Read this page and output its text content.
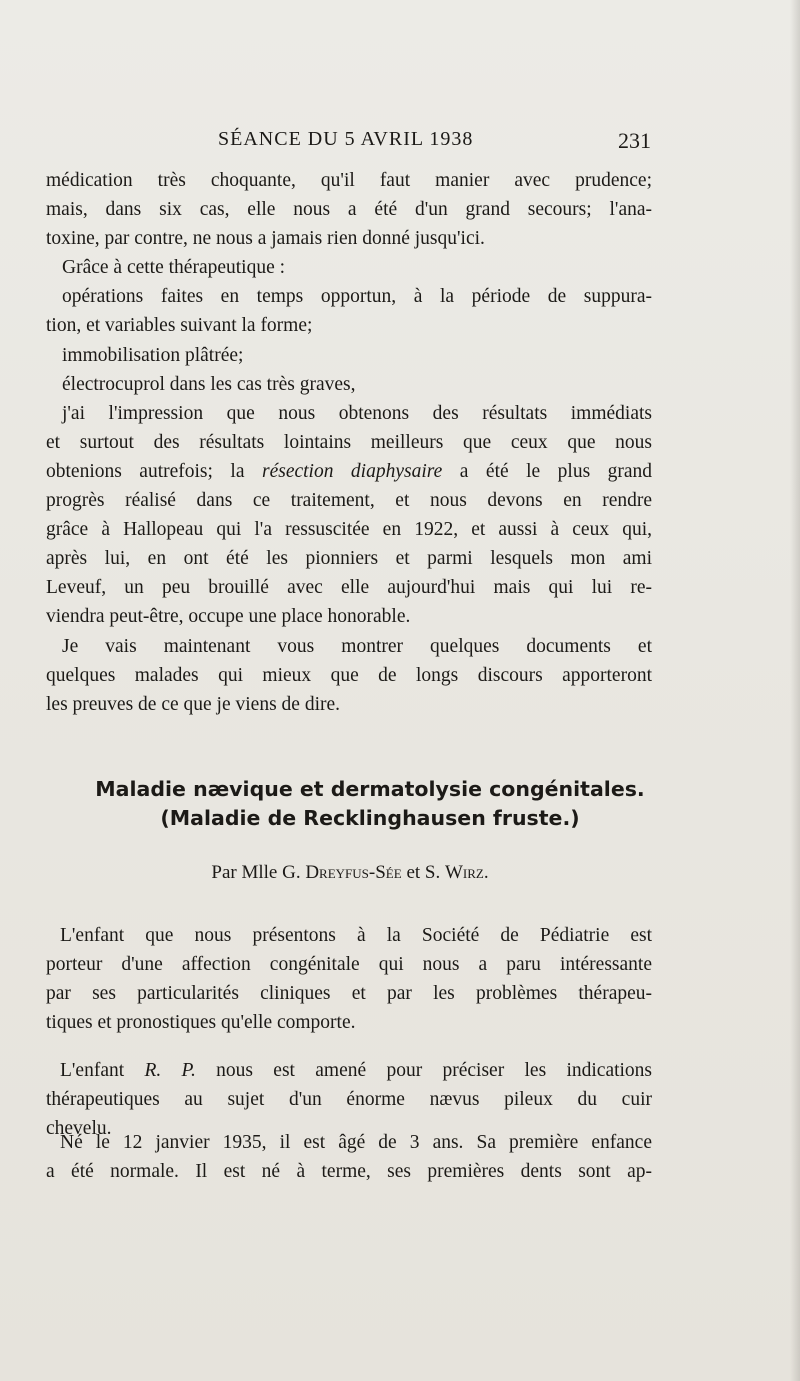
SÉANCE DU 5 AVRIL 1938	231
médication très choquante, qu'il faut manier avec prudence;
mais, dans six cas, elle nous a été d'un grand secours; l'ana-
toxine, par contre, ne nous a jamais rien donné jusqu'ici.
Grâce à cette thérapeutique :
opérations faites en temps opportun, à la période de suppura-
tion, et variables suivant la forme;
immobilisation plâtrée;
électrocuprol dans les cas très graves,
j'ai l'impression que nous obtenons des résultats immédiats
et surtout des résultats lointains meilleurs que ceux que nous
obtenions autrefois; la résection diaphysaire a été le plus grand
progrès réalisé dans ce traitement, et nous devons en rendre
grâce à Hallopeau qui l'a ressuscitée en 1922, et aussi à ceux qui,
après lui, en ont été les pionniers et parmi lesquels mon ami
Leveuf, un peu brouillé avec elle aujourd'hui mais qui lui re-
viendra peut-être, occupe une place honorable.
Je vais maintenant vous montrer quelques documents et
quelques malades qui mieux que de longs discours apporteront
les preuves de ce que je viens de dire.
Maladie nævique et dermatolysie congénitales.
(Maladie de Recklinghausen fruste.)
Par Mlle G. Dreyfus-Sée et S. Wirz.
L'enfant que nous présentons à la Société de Pédiatrie est
porteur d'une affection congénitale qui nous a paru intéressante
par ses particularités cliniques et par les problèmes thérapeu-
tiques et pronostiques qu'elle comporte.
L'enfant R. P. nous est amené pour préciser les indications
thérapeutiques au sujet d'un énorme nævus pileux du cuir
chevelu.
Né le 12 janvier 1935, il est âgé de 3 ans. Sa première enfance
a été normale. Il est né à terme, ses premières dents sont ap-
